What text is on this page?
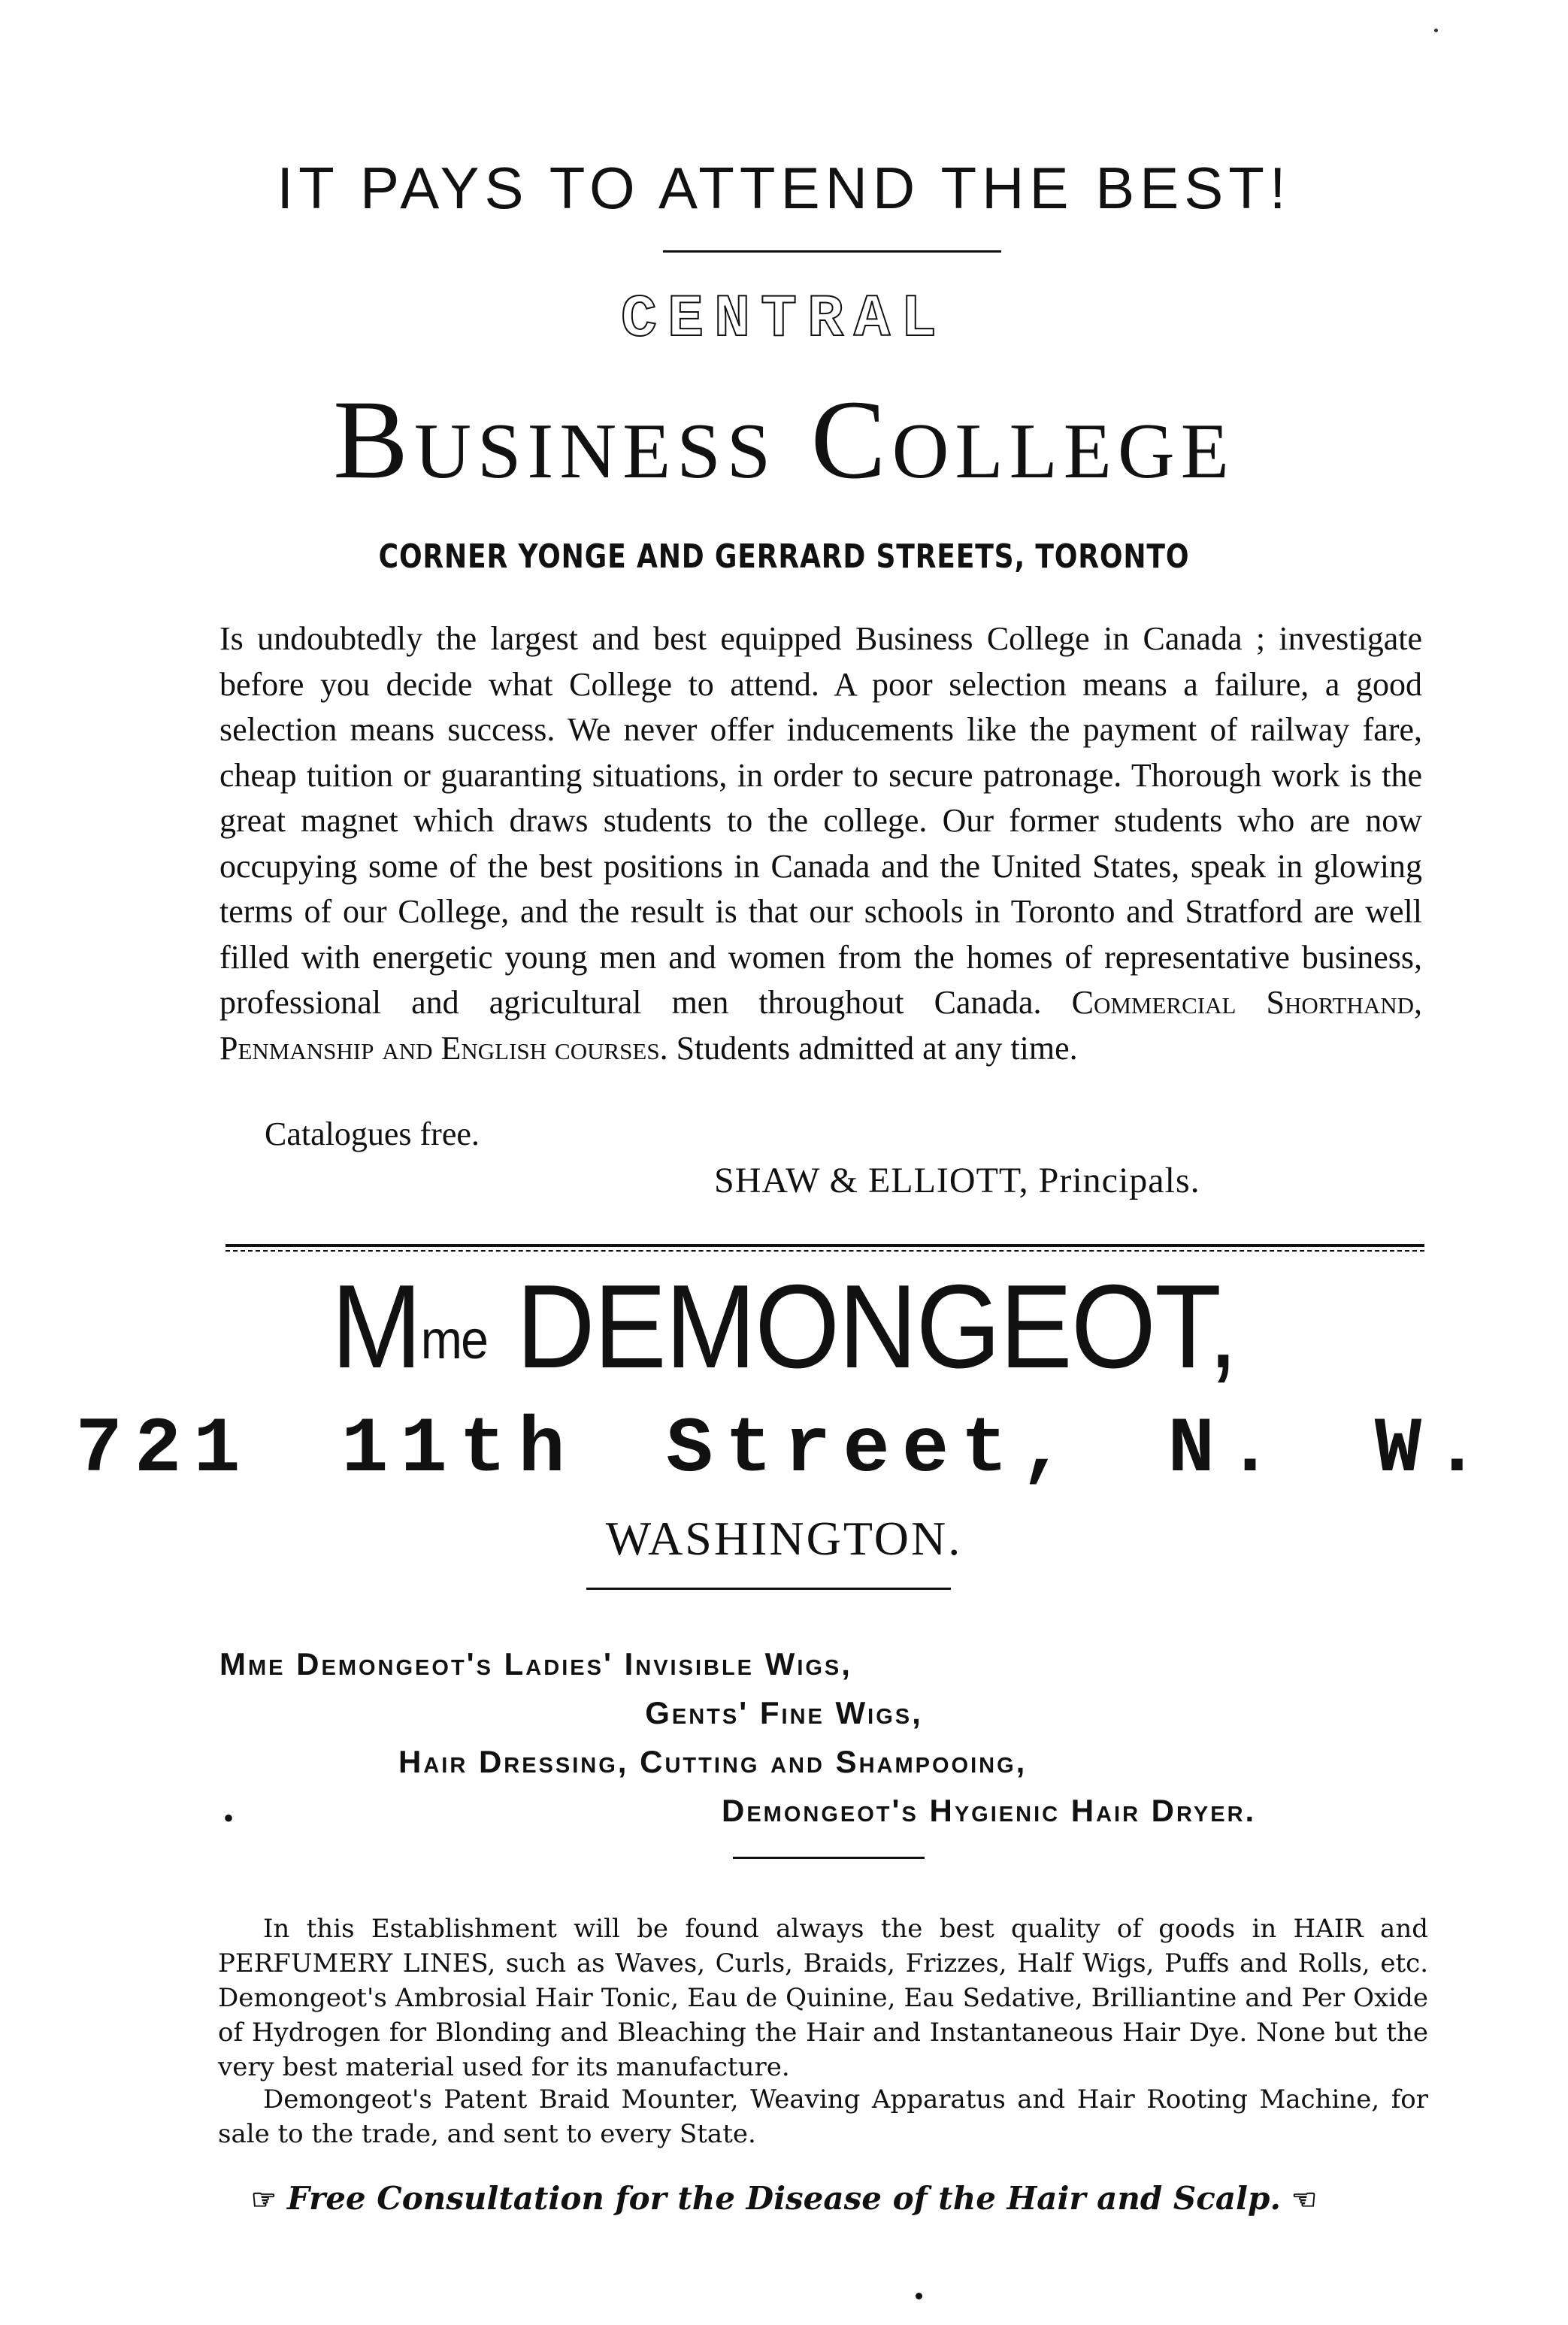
IT PAYS TO ATTEND THE BEST!
CENTRAL
Business College
CORNER YONGE AND GERRARD STREETS, TORONTO
Is undoubtedly the largest and best equipped Business College in Canada ; investigate before you decide what College to attend. A poor selection means a failure, a good selection means success. We never offer inducements like the payment of railway fare, cheap tuition or guaranting situations, in order to secure patronage. Thorough work is the great magnet which draws students to the college. Our former students who are now occupying some of the best positions in Canada and the United States, speak in glowing terms of our College, and the result is that our schools in Toronto and Stratford are well filled with energetic young men and women from the homes of representative business, professional and agricultural men throughout Canada. Commercial Shorthand, Penmanship and English courses. Students admitted at any time.
Catalogues free.
SHAW & ELLIOTT, Principals.
$M^{me}$ DEMONGEOT,
721 11th Street, N. W.
WASHINGTON.
Mme Demongeot's Ladies' Invisible Wigs,
Gents' Fine Wigs,
Hair Dressing, Cutting and Shampooing,
•	Demongeot's Hygienic Hair Dryer.
In this Establishment will be found always the best quality of goods in HAIR and PERFUMERY LINES, such as Waves, Curls, Braids, Frizzes, Half Wigs, Puffs and Rolls, etc. Demongeot's Ambrosial Hair Tonic, Eau de Quinine, Eau Sedative, Brilliantine and Per Oxide of Hydrogen for Blonding and Bleaching the Hair and Instantaneous Hair Dye. None but the very best material used for its manufacture.
Demongeot's Patent Braid Mounter, Weaving Apparatus and Hair Rooting Machine, for sale to the trade, and sent to every State.
☞ Free Consultation for the Disease of the Hair and Scalp. ☜
